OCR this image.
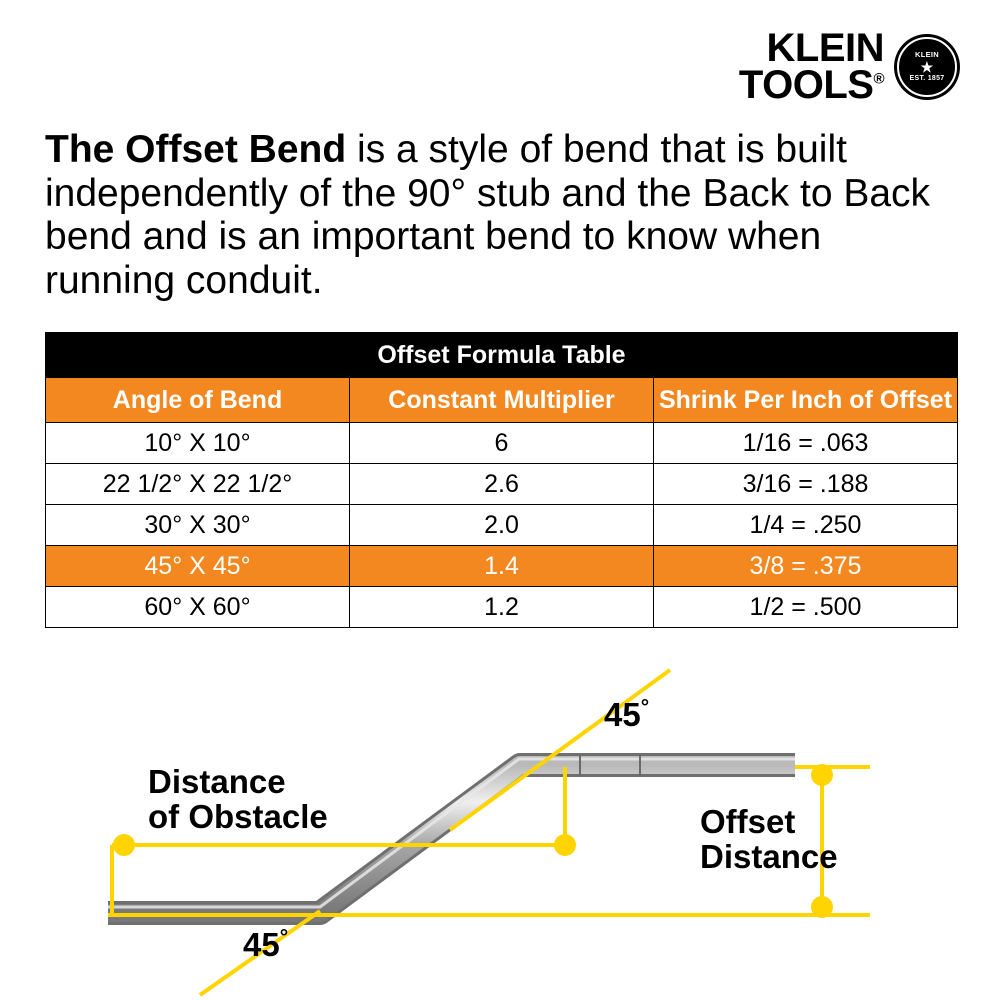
KLEIN
TOOLS®
KLEIN
★
EST. 1857
The Offset Bend is a style of bend that is built independently of the 90° stub and the Back to Back bend and is an important bend to know when running conduit.
Offset Formula Table		
Angle of Bend	Constant Multiplier	Shrink Per Inch of Offset
10° X 10°	6	1/16 = .063
22 1/2° X 22 1/2°	2.6	3/16 = .188
30° X 30°	2.0	1/4 = .250
45° X 45°	1.4	3/8 = .375
60° X 60°	1.2	1/2 = .500
45°
45°
Distance
of Obstacle	Offset
Distance
